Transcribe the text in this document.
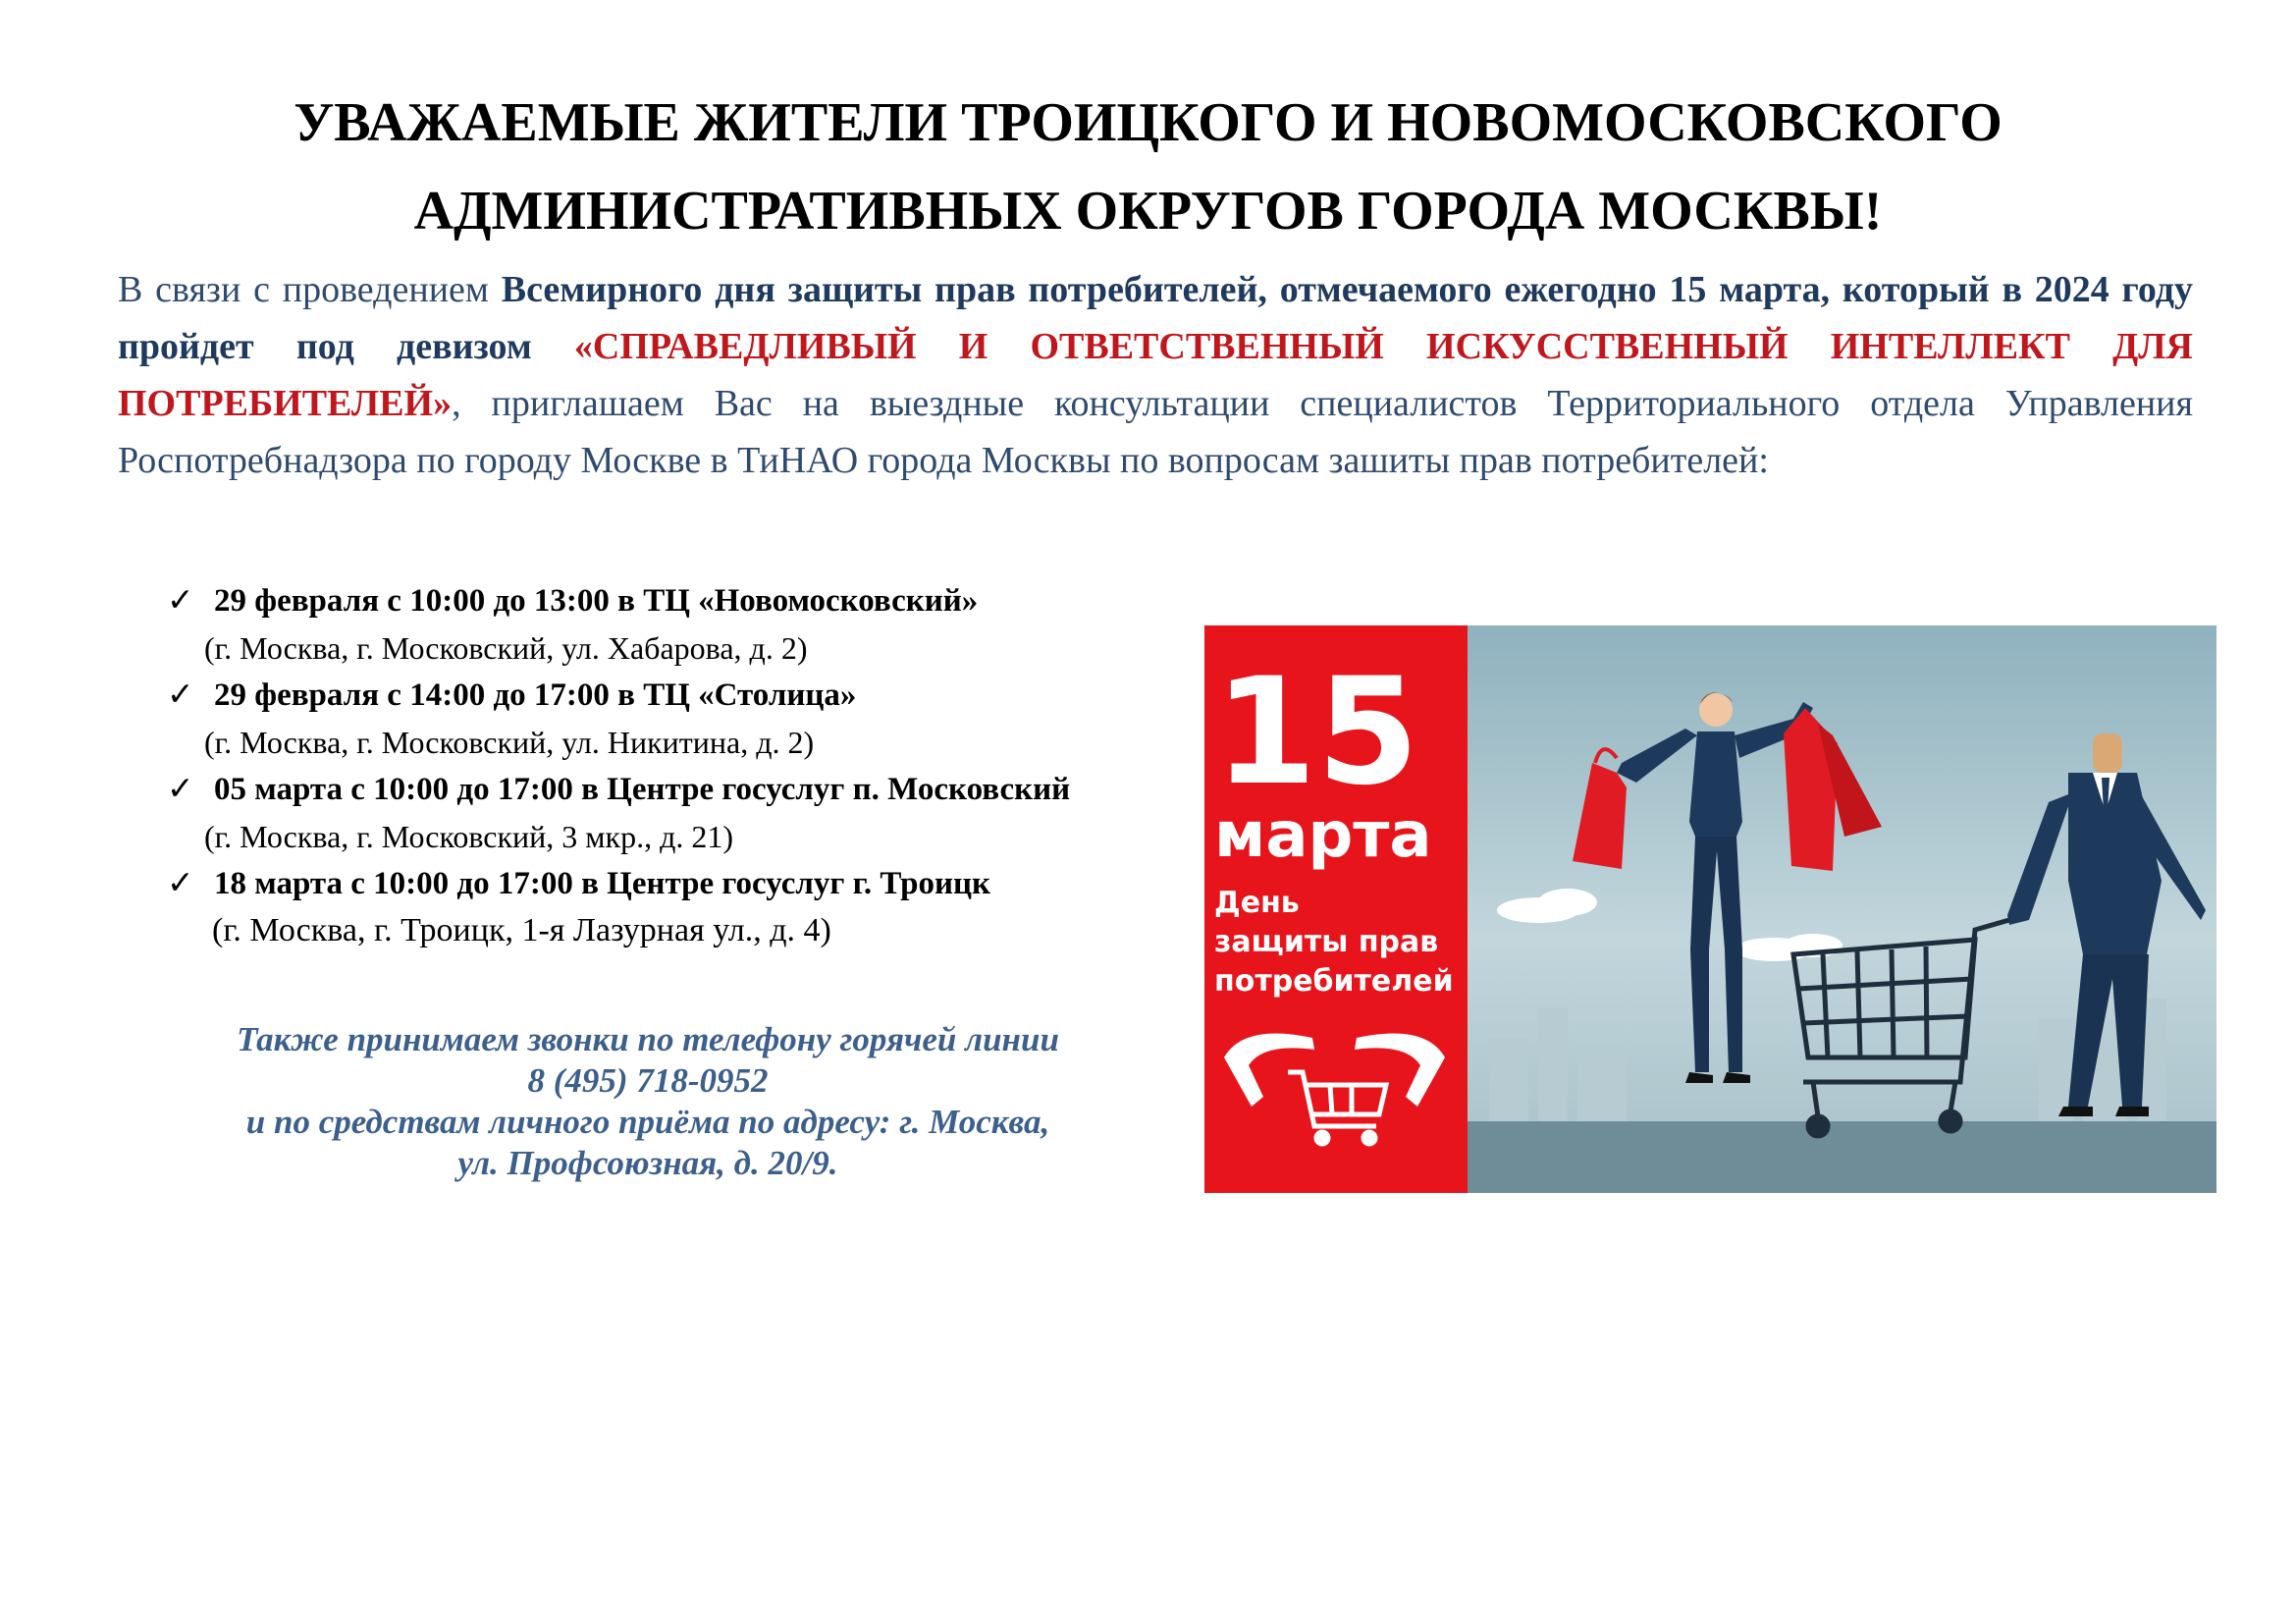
УВАЖАЕМЫЕ ЖИТЕЛИ ТРОИЦКОГО И НОВОМОСКОВСКОГО
АДМИНИСТРАТИВНЫХ ОКРУГОВ ГОРОДА МОСКВЫ!

В связи с проведением Всемирного дня защиты прав потребителей, отмечаемого ежегодно 15 марта, который в 2024 году пройдет под девизом «СПРАВЕДЛИВЫЙ И ОТВЕТСТВЕННЫЙ ИСКУССТВЕННЫЙ ИНТЕЛЛЕКТ ДЛЯ ПОТРЕБИТЕЛЕЙ», приглашаем Вас на выездные консультации специалистов Территориального отдела Управления Роспотребнадзора по городу Москве в ТиНАО города Москвы по вопросам зашиты прав потребителей:

✓ 29 февраля с 10:00 до 13:00 в ТЦ «Новомосковский»
(г. Москва, г. Московский, ул. Хабарова, д. 2)
✓ 29 февраля с 14:00 до 17:00 в ТЦ «Столица»
(г. Москва, г. Московский, ул. Никитина, д. 2)
✓ 05 марта с 10:00 до 17:00 в Центре госуслуг п. Московский
(г. Москва, г. Московский, 3 мкр., д. 21)
✓ 18 марта с 10:00 до 17:00 в Центре госуслуг г. Троицк
(г. Москва, г. Троицк, 1-я Лазурная ул., д. 4)
Также принимаем звонки по телефону горячей линии
8 (495) 718-0952
и по средствам личного приёма по адресу: г. Москва,
ул. Профсоюзная, д. 20/9.
15
марта
День
защиты прав
потребителей
